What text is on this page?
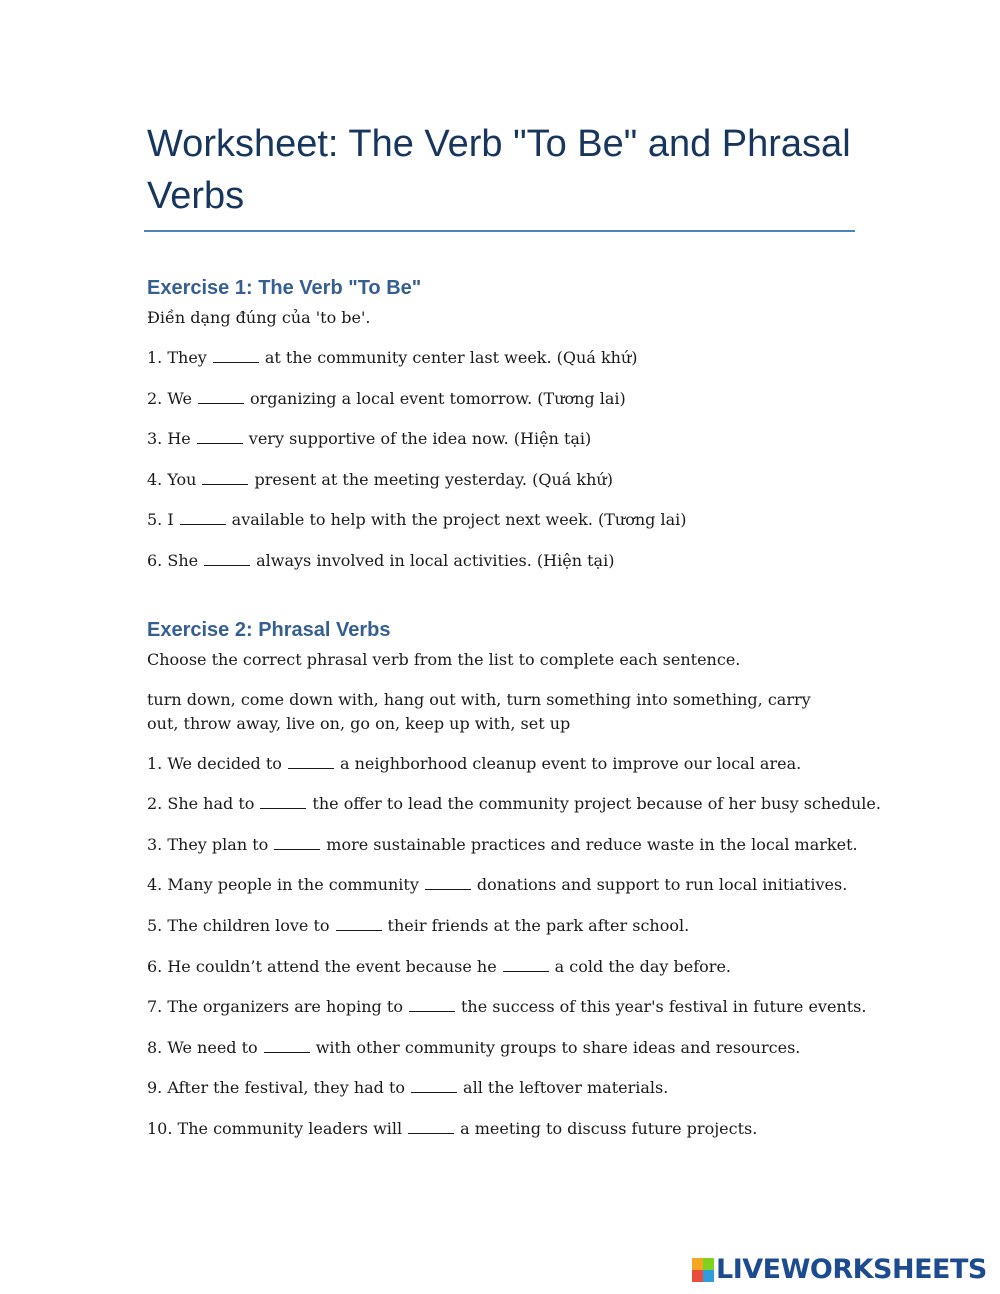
Worksheet: The Verb "To Be" and Phrasal Verbs
Exercise 1: The Verb "To Be"

Điền dạng đúng của 'to be'.

1. They	at the community center last week. (Quá khứ)
2. We	organizing a local event tomorrow. (Tương lai)
3. He	very supportive of the idea now. (Hiện tại)
4. You	present at the meeting yesterday. (Quá khứ)
5. I	available to help with the project next week. (Tương lai)
6. She	always involved in local activities. (Hiện tại)
Exercise 2: Phrasal Verbs

Choose the correct phrasal verb from the list to complete each sentence.

turn down, come down with, hang out with, turn something into something, carry out, throw away, live on, go on, keep up with, set up

1. We decided to	a neighborhood cleanup event to improve our local area.
2. She had to	the offer to lead the community project because of her busy schedule.
3. They plan to	more sustainable practices and reduce waste in the local market.
4. Many people in the community	donations and support to run local initiatives.
5. The children love to	their friends at the park after school.
6. He couldn’t attend the event because he	a cold the day before.
7. The organizers are hoping to	the success of this year's festival in future events.
8. We need to	with other community groups to share ideas and resources.
9. After the festival, they had to	all the leftover materials.
10. The community leaders will	a meeting to discuss future projects.
LIVEWORKSHEETS
